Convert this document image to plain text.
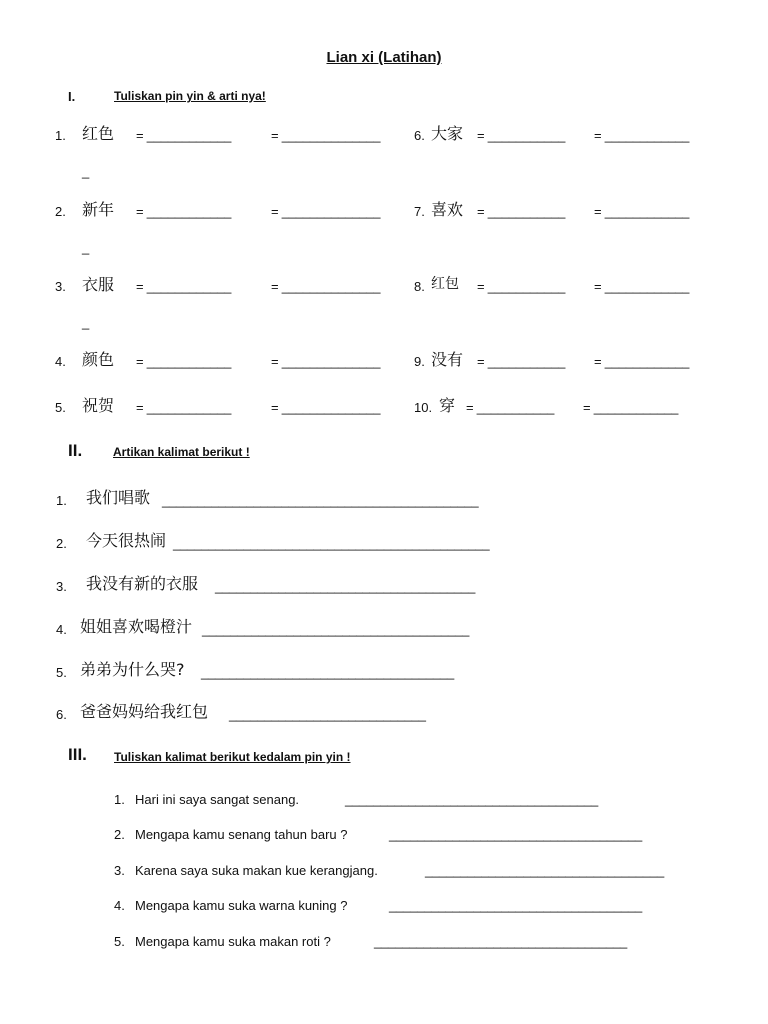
Lian xi (Latihan)
I.	Tuliskan pin yin & arti nya!
1. 红色 = ____________	= ______________	6. 大家 = ___________ = ____________
_
2. 新年 = ____________	= ______________	7. 喜欢 = ___________ = ____________
_
3. 衣服 = ____________	= ______________	8. 红包 = ___________ = ____________
_
4. 颜色 = ____________	= ______________	9. 没有 = ___________ = ____________
5. 祝贺 = ____________	= ______________	10. 穿 = ___________ = ____________
II.	Artikan kalimat berikut !
1. 我们唱歌 _____________________________________________
2. 今天很热闹 _____________________________________________
3. 我没有新的衣服 _____________________________________
4. 姐姐喜欢喝橙汁 ______________________________________
5. 弟弟为什么哭? ____________________________________
6. 爸爸妈妈给我红包 ____________________________
III. Tuliskan kalimat berikut kedalam pin yin !
1. Hari ini saya sangat senang.	____________________________________
2. Mengapa kamu senang tahun baru ?	____________________________________
3. Karena saya suka makan kue kerangjang.	__________________________________
4. Mengapa kamu suka warna kuning ?	____________________________________
5. Mengapa kamu suka makan roti ?	____________________________________
